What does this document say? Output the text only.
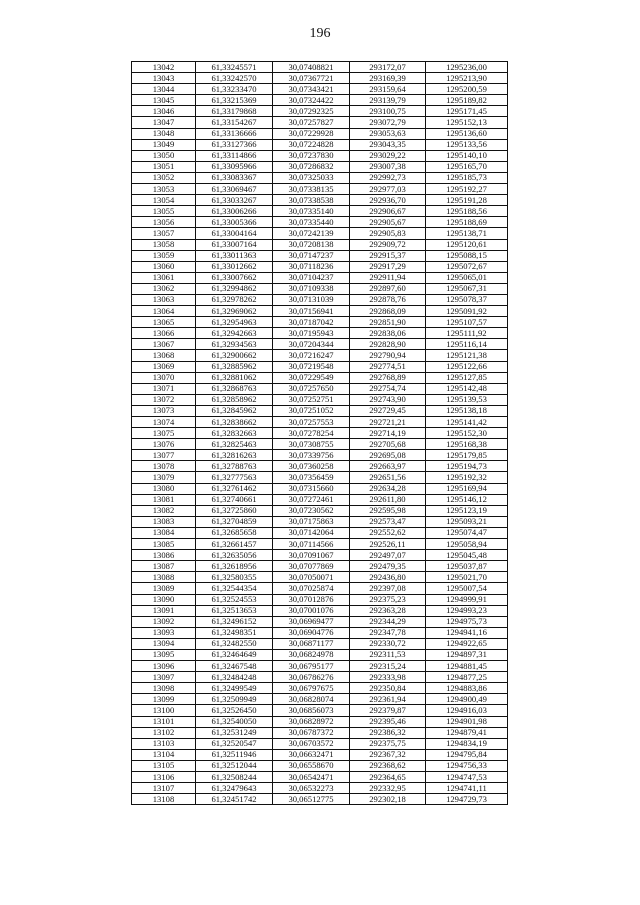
196
13042	61,33245571	30,07408821	293172,07	1295236,00
13043	61,33242570	30,07367721	293169,39	1295213,90
13044	61,33233470	30,07343421	293159,64	1295200,59
13045	61,33215369	30,07324422	293139,79	1295189,82
13046	61,33179868	30,07292325	293100,75	1295171,45
13047	61,33154267	30,07257827	293072,79	1295152,13
13048	61,33136666	30,07229928	293053,63	1295136,60
13049	61,33127366	30,07224828	293043,35	1295133,56
13050	61,33114866	30,07237830	293029,22	1295140,10
13051	61,33095966	30,07286832	293007,38	1295165,70
13052	61,33083367	30,07325033	292992,73	1295185,73
13053	61,33069467	30,07338135	292977,03	1295192,27
13054	61,33033267	30,07338538	292936,70	1295191,28
13055	61,33006266	30,07335140	292906,67	1295188,56
13056	61,33005366	30,07335440	292905,67	1295188,69
13057	61,33004164	30,07242139	292905,83	1295138,71
13058	61,33007164	30,07208138	292909,72	1295120,61
13059	61,33011363	30,07147237	292915,37	1295088,15
13060	61,33012662	30,07118236	292917,29	1295072,67
13061	61,33007662	30,07104237	292911,94	1295065,01
13062	61,32994862	30,07109338	292897,60	1295067,31
13063	61,32978262	30,07131039	292878,76	1295078,37
13064	61,32969062	30,07156941	292868,09	1295091,92
13065	61,32954963	30,07187042	292851,90	1295107,57
13066	61,32942663	30,07195943	292838,06	1295111,92
13067	61,32934563	30,07204344	292828,90	1295116,14
13068	61,32900662	30,07216247	292790,94	1295121,38
13069	61,32885962	30,07219548	292774,51	1295122,66
13070	61,32881062	30,07229549	292768,89	1295127,85
13071	61,32868763	30,07257650	292754,74	1295142,48
13072	61,32858962	30,07252751	292743,90	1295139,53
13073	61,32845962	30,07251052	292729,45	1295138,18
13074	61,32838662	30,07257553	292721,21	1295141,42
13075	61,32832663	30,07278254	292714,19	1295152,30
13076	61,32825463	30,07308755	292705,68	1295168,38
13077	61,32816263	30,07339756	292695,08	1295179,85
13078	61,32788763	30,07360258	292663,97	1295194,73
13079	61,32777563	30,07356459	292651,56	1295192,32
13080	61,32761462	30,07315660	292634,28	1295169,94
13081	61,32740661	30,07272461	292611,80	1295146,12
13082	61,32725860	30,07230562	292595,98	1295123,19
13083	61,32704859	30,07175863	292573,47	1295093,21
13084	61,32685658	30,07142064	292552,62	1295074,47
13085	61,32661457	30,07114566	292526,11	1295058,94
13086	61,32635056	30,07091067	292497,07	1295045,48
13087	61,32618956	30,07077869	292479,35	1295037,87
13088	61,32580355	30,07050071	292436,80	1295021,70
13089	61,32544354	30,07025874	292397,08	1295007,54
13090	61,32524553	30,07012876	292375,23	1294999,91
13091	61,32513653	30,07001076	292363,28	1294993,23
13092	61,32496152	30,06969477	292344,29	1294975,73
13093	61,32498351	30,06904776	292347,78	1294941,16
13094	61,32482550	30,06871177	292330,72	1294922,65
13095	61,32464649	30,06824978	292311,53	1294897,31
13096	61,32467548	30,06795177	292315,24	1294881,45
13097	61,32484248	30,06786276	292333,98	1294877,25
13098	61,32499549	30,06797675	292350,84	1294883,86
13099	61,32509949	30,06828074	292361,94	1294900,49
13100	61,32526450	30,06856073	292379,87	1294916,03
13101	61,32540050	30,06828972	292395,46	1294901,98
13102	61,32531249	30,06787372	292386,32	1294879,41
13103	61,32520547	30,06703572	292375,75	1294834,19
13104	61,32511946	30,06632471	292367,32	1294795,84
13105	61,32512044	30,06558670	292368,62	1294756,33
13106	61,32508244	30,06542471	292364,65	1294747,53
13107	61,32479643	30,06532273	292332,95	1294741,11
13108	61,32451742	30,06512775	292302,18	1294729,73
